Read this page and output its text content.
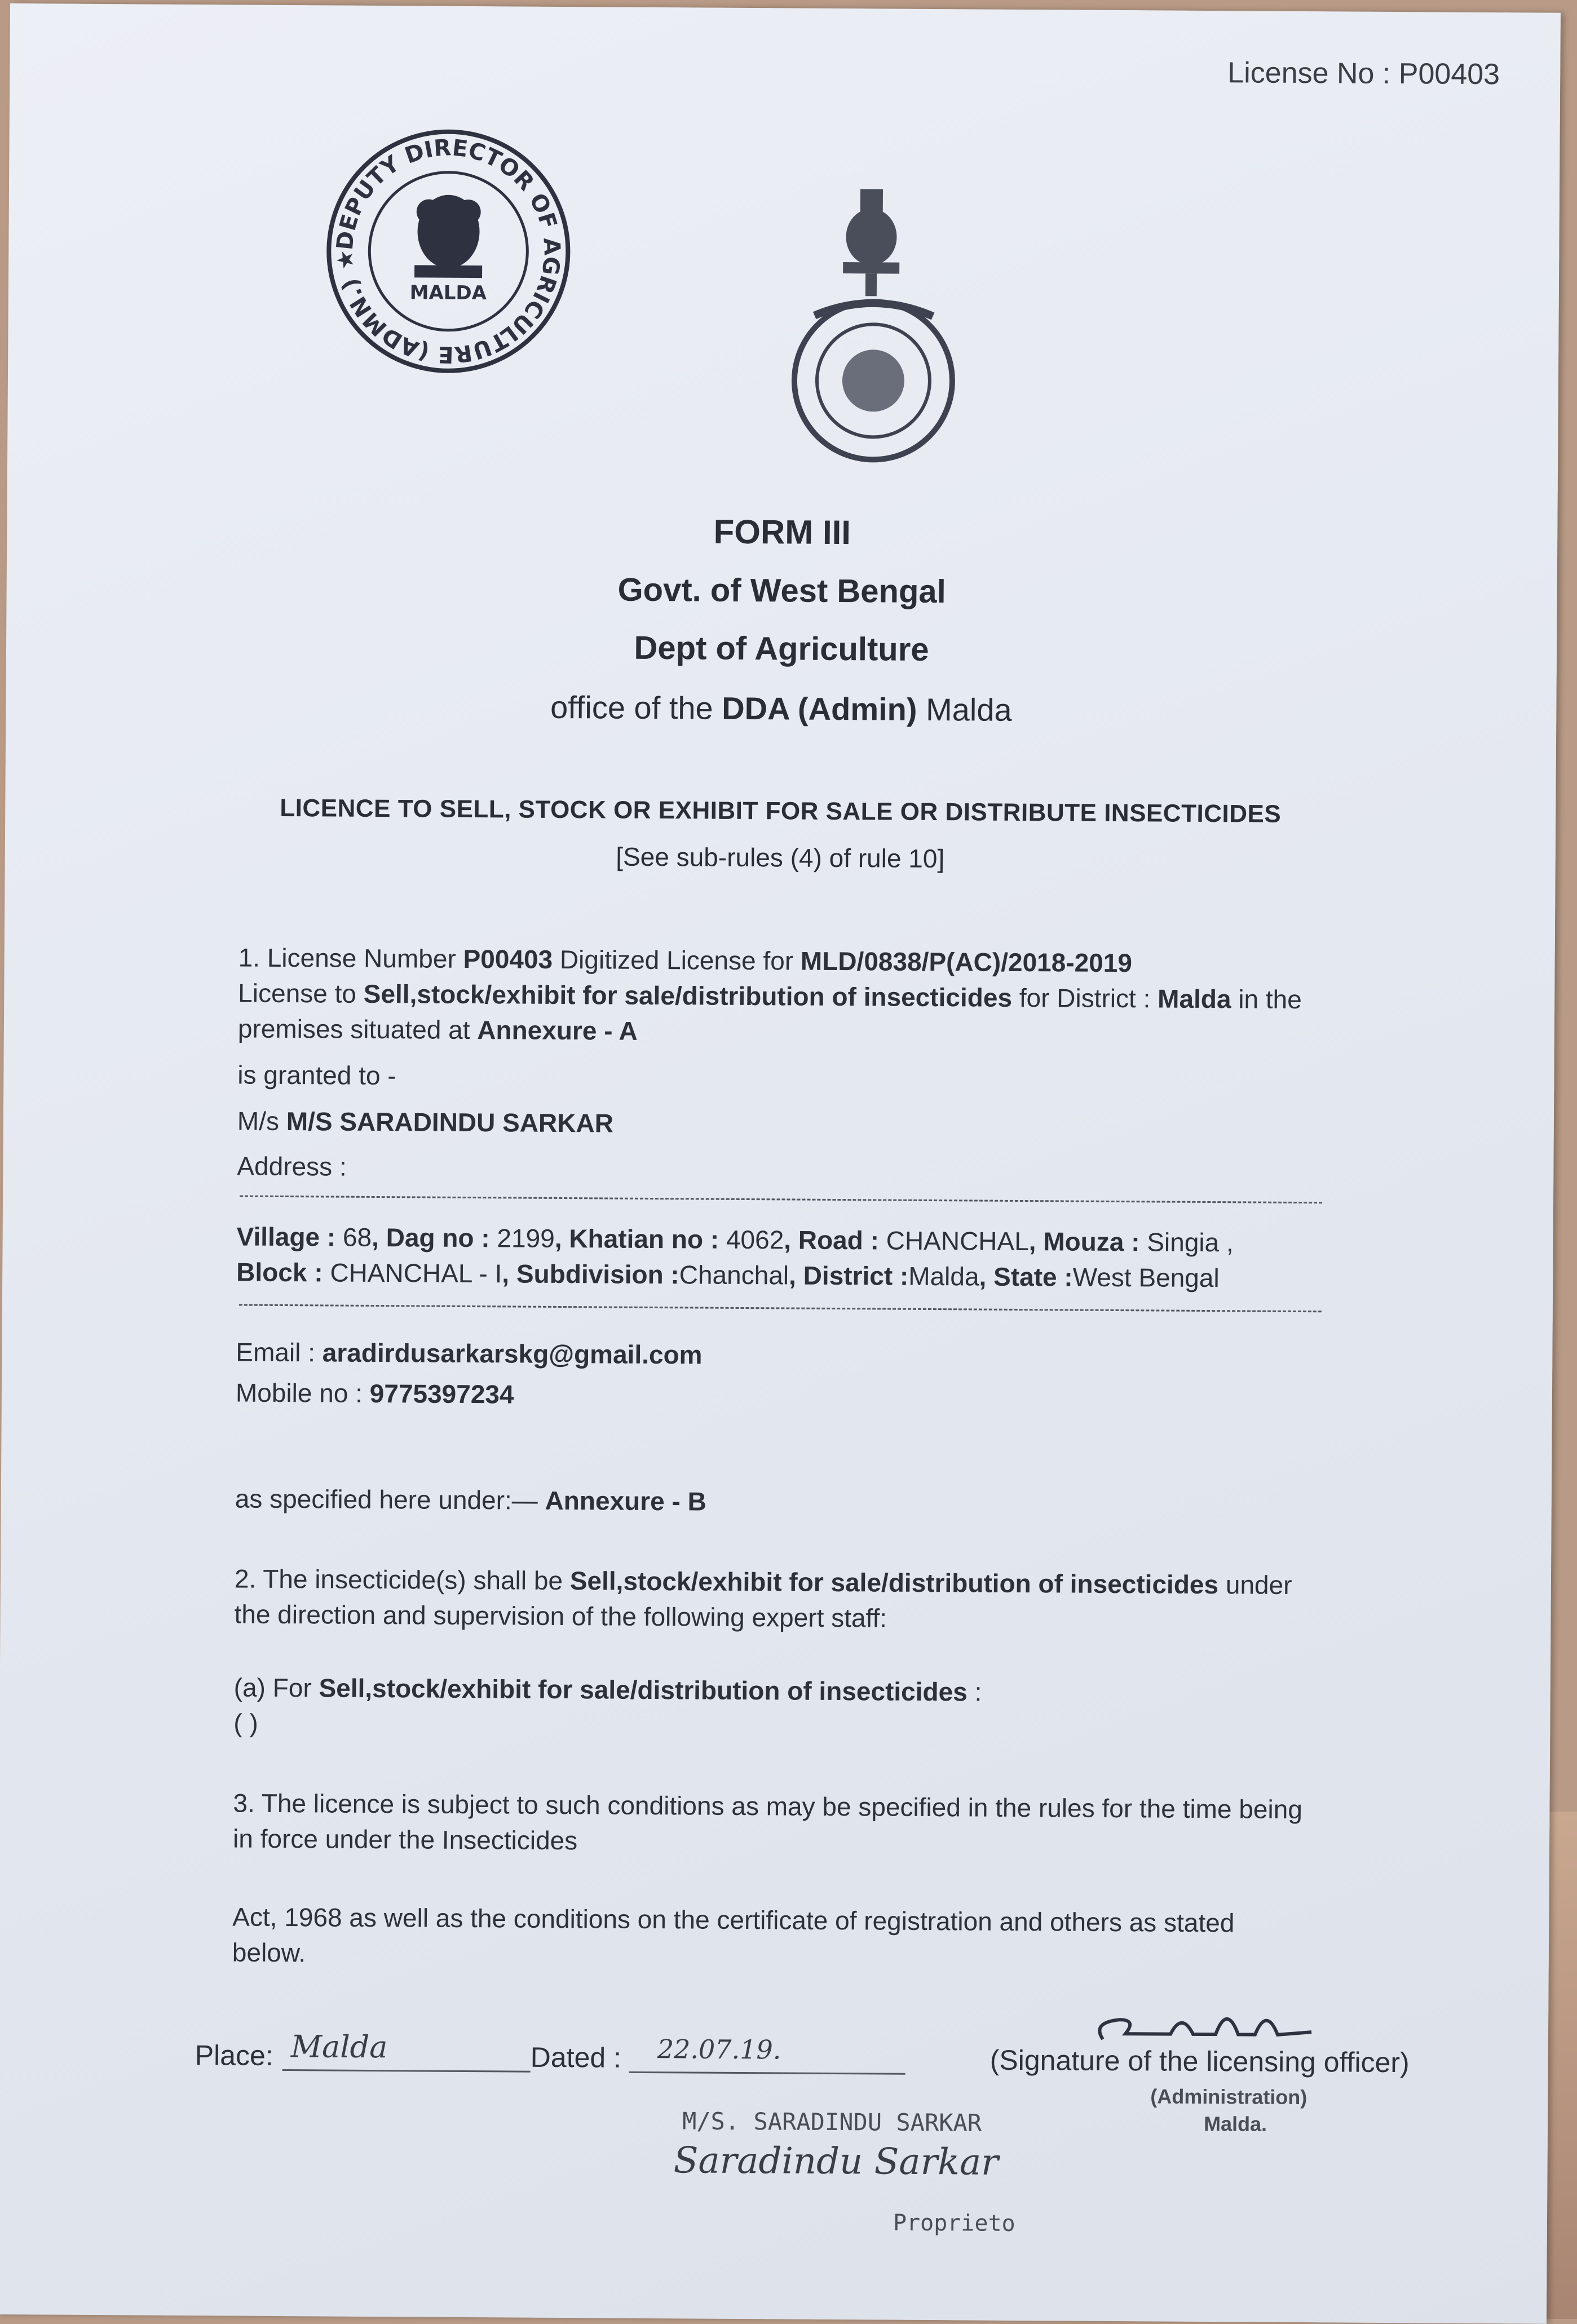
License No : P00403
DEPUTY DIRECTOR OF AGRICULTURE (ADMN.) ★
MALDA
FORM III
Govt. of West Bengal
Dept of Agriculture
office of the DDA (Admin) Malda
LICENCE TO SELL, STOCK OR EXHIBIT FOR SALE OR DISTRIBUTE INSECTICIDES
[See sub-rules (4) of rule 10]
1. License Number P00403 Digitized License for MLD/0838/P(AC)/2018-2019
License to Sell,stock/exhibit for sale/distribution of insecticides for District : Malda in the
premises situated at Annexure - A
is granted to -
M/s M/S SARADINDU SARKAR
Address :
Village : 68, Dag no : 2199, Khatian no : 4062, Road : CHANCHAL, Mouza : Singia ,
Block : CHANCHAL - I, Subdivision :Chanchal, District :Malda, State :West Bengal
Email : aradirdusarkarskg@gmail.com
Mobile no : 9775397234
as specified here under:— Annexure - B
2. The insecticide(s) shall be Sell,stock/exhibit for sale/distribution of insecticides under
the direction and supervision of the following expert staff:
(a) For Sell,stock/exhibit for sale/distribution of insecticides :
( )
3. The licence is subject to such conditions as may be specified in the rules for the time being
in force under the Insecticides
Act, 1968 as well as the conditions on the certificate of registration and others as stated
below.
Place: Malda	Dated : 22.07.19.	(Signature of the licensing officer)
(Administration)
Malda.
M/S. SARADINDU SARKAR
Saradindu Sarkar
Proprieto
